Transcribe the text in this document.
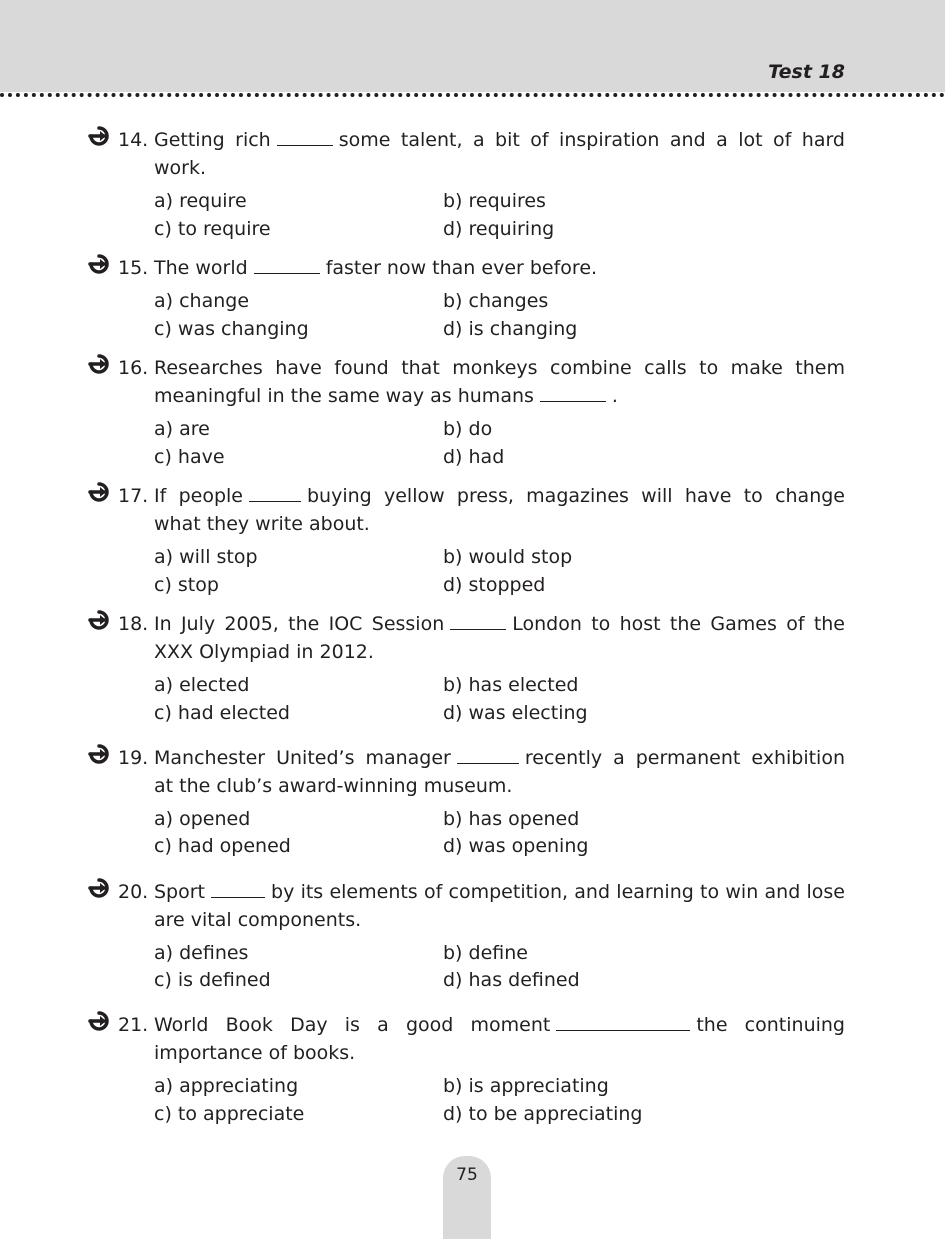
Test 18
14. Getting rich	some talent, a bit of inspiration and a lot of hard work.
a) require	b) requires
c) to require	d) requiring
15. The world	faster now than ever before.
a) change	b) changes
c) was changing	d) is changing
16. Researches have found that monkeys combine calls to make them meaningful in the same way as humans	.
a) are	b) do
c) have	d) had
17. If people	buying yellow press, magazines will have to change what they write about.
a) will stop	b) would stop
c) stop	d) stopped
18. In July 2005, the IOC Session	London to host the Games of the XXX Olympiad in 2012.
a) elected	b) has elected
c) had elected	d) was electing
19. Manchester United’s manager	recently a permanent exhibition at the club’s award-winning museum.
a) opened	b) has opened
c) had opened	d) was opening
20. Sport	by its elements of competition, and learning to win and lose are vital components.
a) defines	b) define
c) is defined	d) has defined
21. World Book Day is a good moment	the continuing importance of books.
a) appreciating	b) is appreciating
c) to appreciate	d) to be appreciating
75
